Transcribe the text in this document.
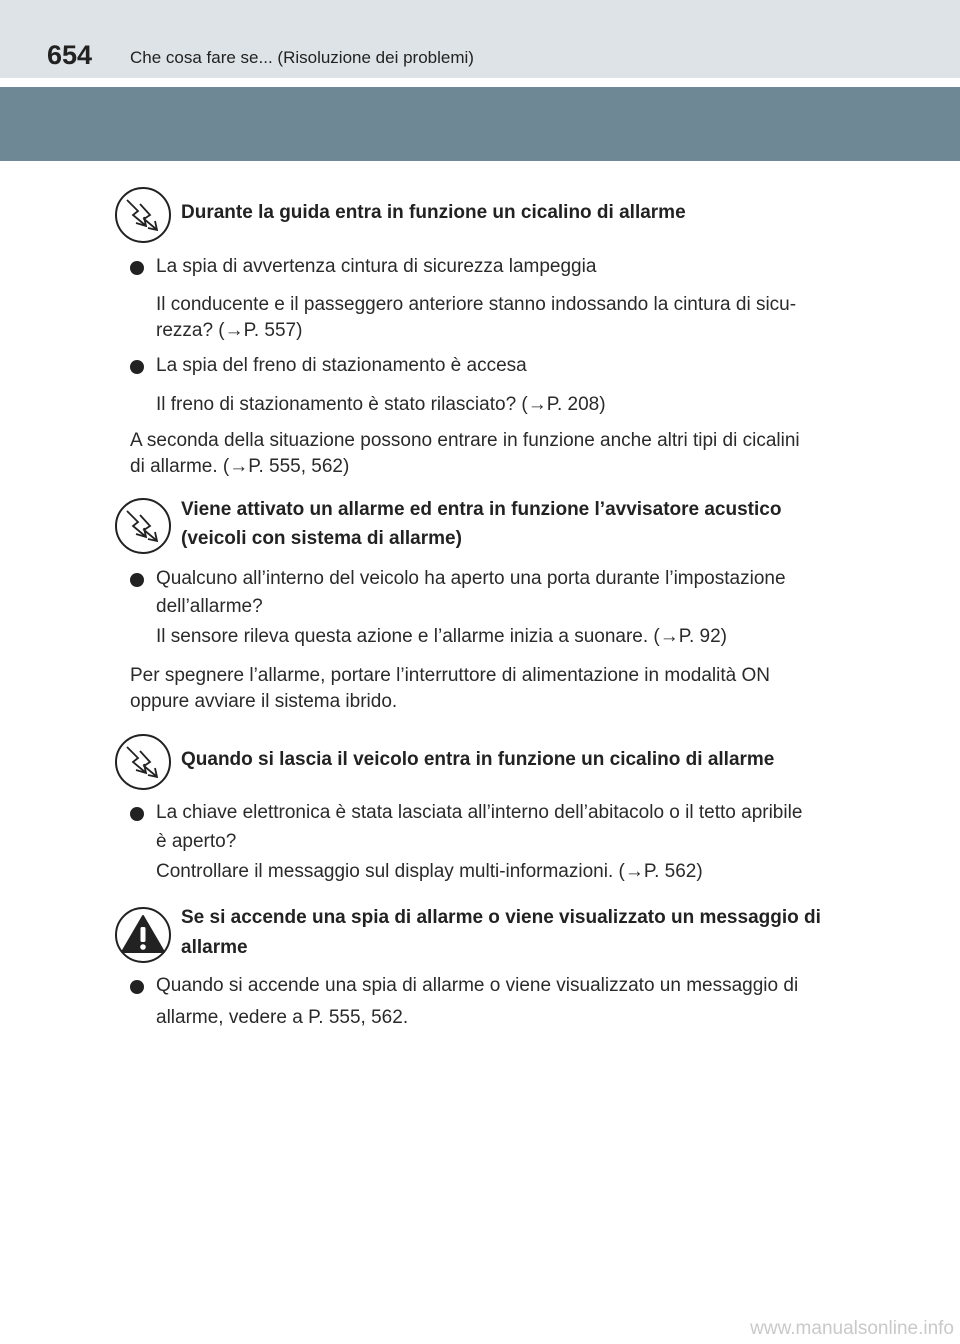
654 Che cosa fare se... (Risoluzione dei problemi)
Durante la guida entra in funzione un cicalino di allarme
La spia di avvertenza cintura di sicurezza lampeggia
Il conducente e il passeggero anteriore stanno indossando la cintura di sicu-
rezza? (→P. 557)
La spia del freno di stazionamento è accesa
Il freno di stazionamento è stato rilasciato? (→P. 208)
A seconda della situazione possono entrare in funzione anche altri tipi di cicalini
di allarme. (→P. 555, 562)
Viene attivato un allarme ed entra in funzione l’avvisatore acustico
(veicoli con sistema di allarme)
Qualcuno all’interno del veicolo ha aperto una porta durante l’impostazione
dell’allarme?
Il sensore rileva questa azione e l’allarme inizia a suonare. (→P. 92)
Per spegnere l’allarme, portare l’interruttore di alimentazione in modalità ON
oppure avviare il sistema ibrido.
Quando si lascia il veicolo entra in funzione un cicalino di allarme
La chiave elettronica è stata lasciata all’interno dell’abitacolo o il tetto apribile
è aperto?
Controllare il messaggio sul display multi-informazioni. (→P. 562)
Se si accende una spia di allarme o viene visualizzato un messaggio di
allarme
Quando si accende una spia di allarme o viene visualizzato un messaggio di
allarme, vedere a P. 555, 562.
www.manualsonline.info
